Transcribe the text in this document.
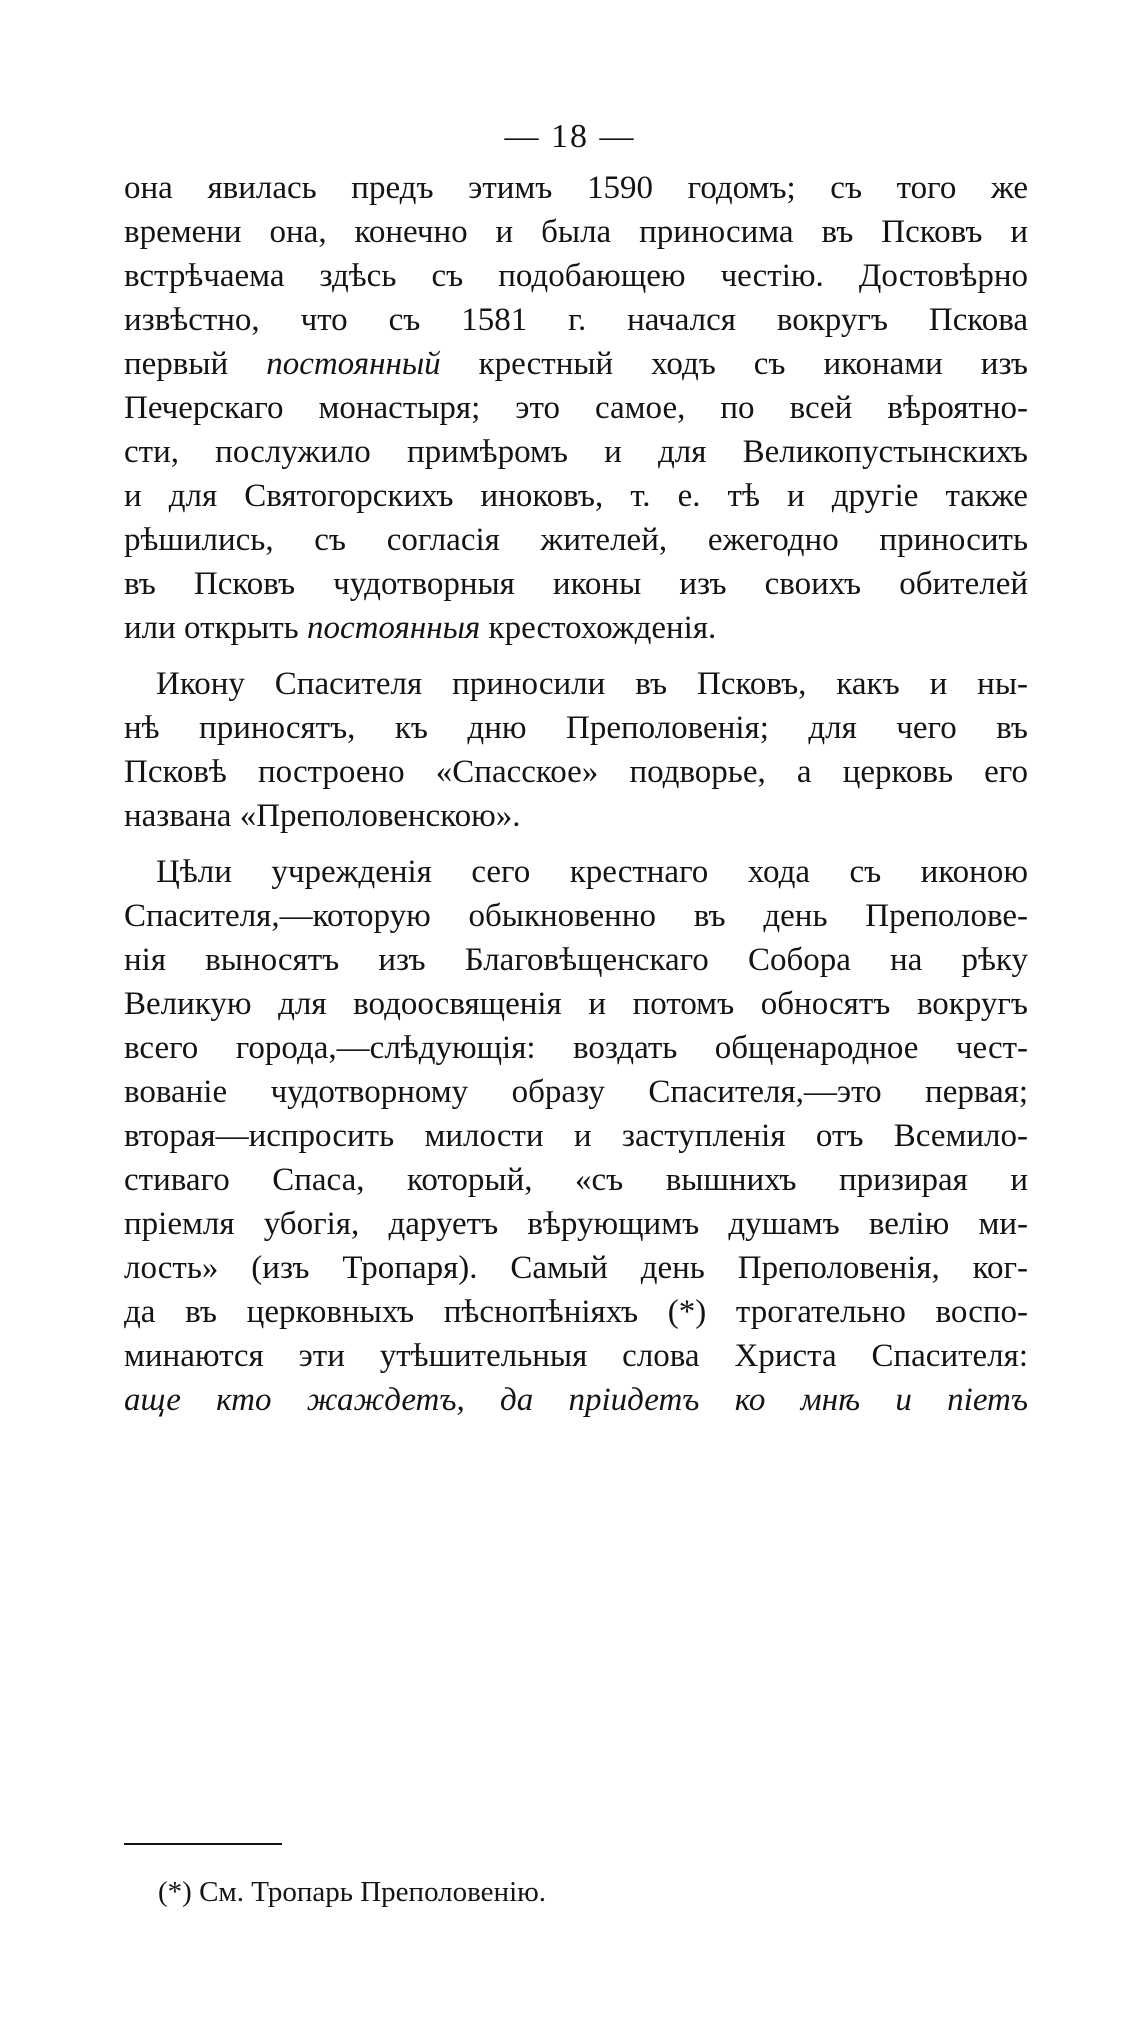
— 18 —
она явилась предъ этимъ 1590 годомъ; съ того же
времени она, конечно и была приносима въ Псковъ и
встрѣчаема здѣсь съ подобающею честію. Достовѣрно
извѣстно, что съ 1581 г. начался вокругъ Пскова
первый постоянный крестный ходъ съ иконами изъ
Печерскаго монастыря; это самое, по всей вѣроятно-
сти, послужило примѣромъ и для Великопустынскихъ
и для Святогорскихъ иноковъ, т. е. тѣ и другіе также
рѣшились, съ согласія жителей, ежегодно приносить
въ Псковъ чудотворныя иконы изъ своихъ обителей
или открыть постоянныя крестохожденія.
Икону Спасителя приносили въ Псковъ, какъ и ны-
нѣ приносятъ, къ дню Преполовенія; для чего въ
Псковѣ построено «Спасское» подворье, а церковь его
названа «Преполовенскою».
Цѣли учрежденія сего крестнаго хода съ иконою
Спасителя,—которую обыкновенно въ день Преполове-
нія выносятъ изъ Благовѣщенскаго Собора на рѣку
Великую для водоосвященія и потомъ обносятъ вокругъ
всего города,—слѣдующія: воздать общенародное чест-
вованіе чудотворному образу Спасителя,—это первая;
вторая—испросить милости и заступленія отъ Всемило-
стиваго Спаса, который, «съ вышнихъ призирая и
пріемля убогія, даруетъ вѣрующимъ душамъ велію ми-
лость» (изъ Тропаря). Самый день Преполовенія, ког-
да въ церковныхъ пѣснопѣніяхъ (*) трогательно воспо-
минаются эти утѣшительныя слова Христа Спасителя:
аще кто жаждетъ, да пріидетъ ко мнѣ и піетъ
(*) См. Тропарь Преполовенію.
